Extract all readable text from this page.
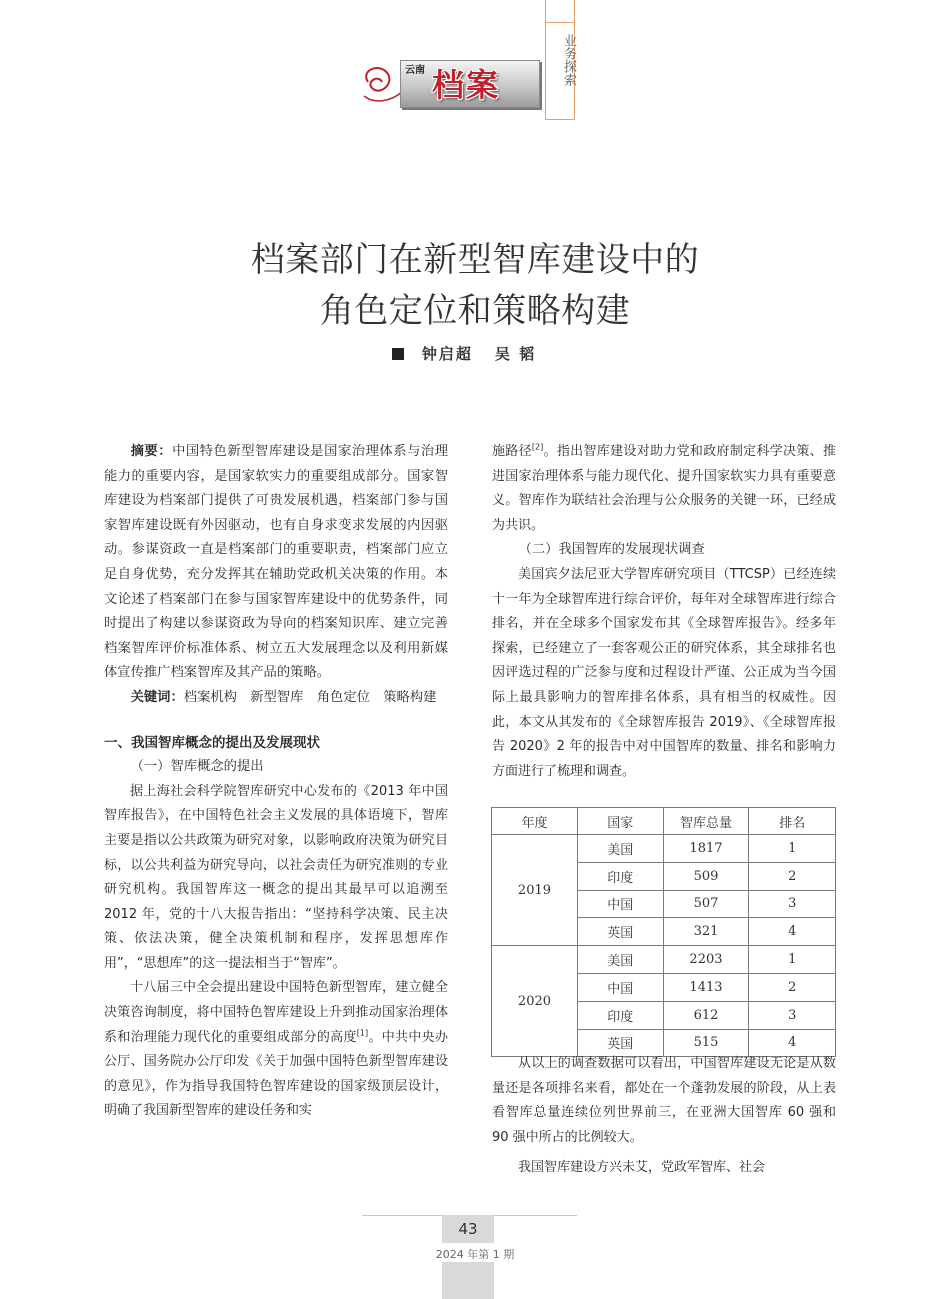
云南 档案	业务探索
档案部门在新型智库建设中的
角色定位和策略构建
钟启超 吴 韬

摘要：中国特色新型智库建设是国家治理体系与治理能力的重要内容，是国家软实力的重要组成部分。国家智库建设为档案部门提供了可贵发展机遇，档案部门参与国家智库建设既有外因驱动，也有自身求变求发展的内因驱动。参谋资政一直是档案部门的重要职责，档案部门应立足自身优势，充分发挥其在辅助党政机关决策的作用。本文论述了档案部门在参与国家智库建设中的优势条件，同时提出了构建以参谋资政为导向的档案知识库、建立完善档案智库评价标准体系、树立五大发展理念以及利用新媒体宣传推广档案智库及其产品的策略。

关键词：档案机构　新型智库　角色定位　策略构建

一、我国智库概念的提出及发展现状

（一）智库概念的提出

据上海社会科学院智库研究中心发布的《2013 年中国智库报告》，在中国特色社会主义发展的具体语境下，智库主要是指以公共政策为研究对象，以影响政府决策为研究目标，以公共利益为研究导向，以社会责任为研究准则的专业研究机构。我国智库这一概念的提出其最早可以追溯至2012 年，党的十八大报告指出：“坚持科学决策、民主决策、依法决策，健全决策机制和程序，发挥思想库作用”，“思想库”的这一提法相当于“智库”。

十八届三中全会提出建设中国特色新型智库，建立健全决策咨询制度，将中国特色智库建设上升到推动国家治理体系和治理能力现代化的重要组成部分的高度[1]。中共中央办公厅、国务院办公厅印发《关于加强中国特色新型智库建设的意见》，作为指导我国特色智库建设的国家级顶层设计，明确了我国新型智库的建设任务和实

施路径[2]。指出智库建设对助力党和政府制定科学决策、推进国家治理体系与能力现代化、提升国家软实力具有重要意义。智库作为联结社会治理与公众服务的关键一环，已经成为共识。

（二）我国智库的发展现状调查

美国宾夕法尼亚大学智库研究项目（TTCSP）已经连续十一年为全球智库进行综合评价，每年对全球智库进行综合排名，并在全球多个国家发布其《全球智库报告》。经多年探索，已经建立了一套客观公正的研究体系，其全球排名也因评选过程的广泛参与度和过程设计严谨、公正成为当今国际上最具影响力的智库排名体系，具有相当的权威性。因此，本文从其发布的《全球智库报告 2019》、《全球智库报告 2020》2 年的报告中对中国智库的数量、排名和影响力方面进行了梳理和调查。

年度	国家	智库总量	排名
2019	美国	1817	1
	印度	509	2
	中国	507	3
	英国	321	4
2020	美国	2203	1
	中国	1413	2
	印度	612	3
	英国	515	4

从以上的调查数据可以看出，中国智库建设无论是从数量还是各项排名来看，都处在一个蓬勃发展的阶段，从上表看智库总量连续位列世界前三，在亚洲大国智库 60 强和 90 强中所占的比例较大。

我国智库建设方兴未艾，党政军智库、社会

43
2024 年第 1 期
